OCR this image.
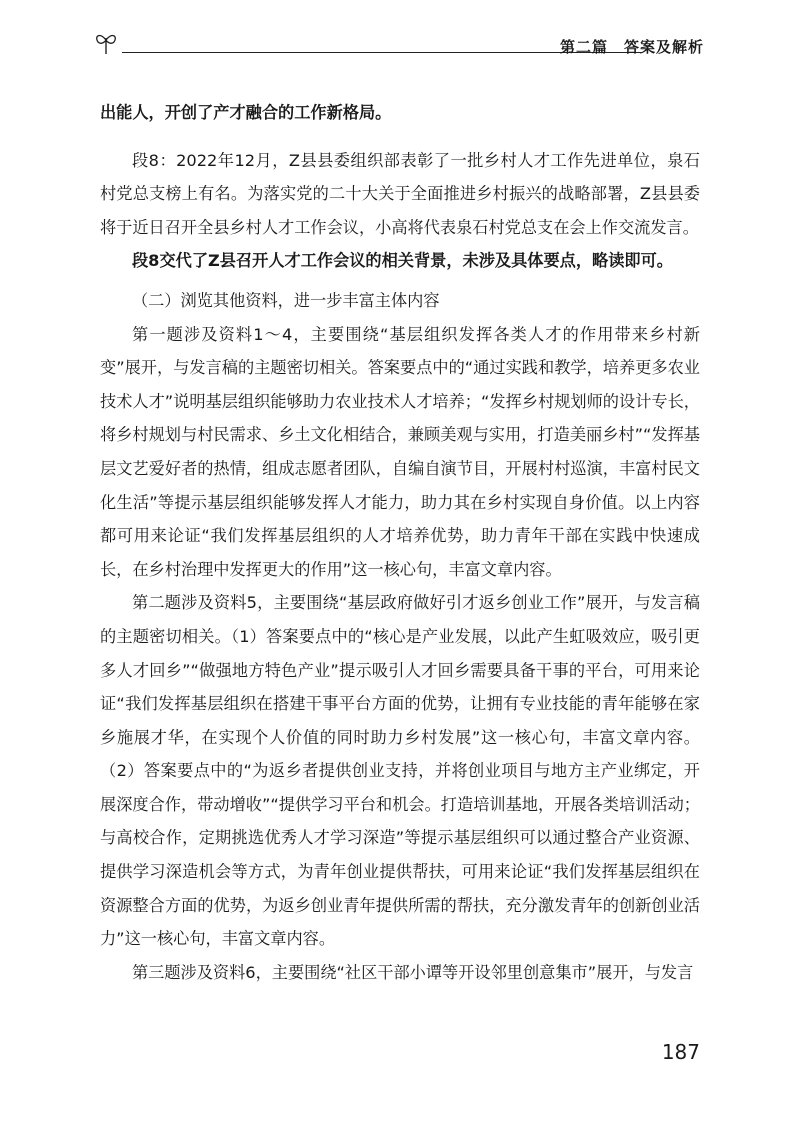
第二篇　答案及解析

出能人，开创了产才融合的工作新格局。

段8：2022年12月，Z县县委组织部表彰了一批乡村人才工作先进单位，泉石村党总支榜上有名。为落实党的二十大关于全面推进乡村振兴的战略部署，Z县县委将于近日召开全县乡村人才工作会议，小高将代表泉石村党总支在会上作交流发言。

段8交代了Z县召开人才工作会议的相关背景，未涉及具体要点，略读即可。

（二）浏览其他资料，进一步丰富主体内容

第一题涉及资料1～4，主要围绕“基层组织发挥各类人才的作用带来乡村新变”展开，与发言稿的主题密切相关。答案要点中的“通过实践和教学，培养更多农业技术人才”说明基层组织能够助力农业技术人才培养；“发挥乡村规划师的设计专长，将乡村规划与村民需求、乡土文化相结合，兼顾美观与实用，打造美丽乡村”“发挥基层文艺爱好者的热情，组成志愿者团队，自编自演节目，开展村村巡演，丰富村民文化生活”等提示基层组织能够发挥人才能力，助力其在乡村实现自身价值。以上内容都可用来论证“我们发挥基层组织的人才培养优势，助力青年干部在实践中快速成长，在乡村治理中发挥更大的作用”这一核心句，丰富文章内容。

第二题涉及资料5，主要围绕“基层政府做好引才返乡创业工作”展开，与发言稿的主题密切相关。（1）答案要点中的“核心是产业发展，以此产生虹吸效应，吸引更多人才回乡”“做强地方特色产业”提示吸引人才回乡需要具备干事的平台，可用来论证“我们发挥基层组织在搭建干事平台方面的优势，让拥有专业技能的青年能够在家乡施展才华，在实现个人价值的同时助力乡村发展”这一核心句，丰富文章内容。（2）答案要点中的“为返乡者提供创业支持，并将创业项目与地方主产业绑定，开展深度合作，带动增收”“提供学习平台和机会。打造培训基地，开展各类培训活动；与高校合作，定期挑选优秀人才学习深造”等提示基层组织可以通过整合产业资源、提供学习深造机会等方式，为青年创业提供帮扶，可用来论证“我们发挥基层组织在资源整合方面的优势，为返乡创业青年提供所需的帮扶，充分激发青年的创新创业活力”这一核心句，丰富文章内容。

第三题涉及资料6，主要围绕“社区干部小谭等开设邻里创意集市”展开，与发言

187
